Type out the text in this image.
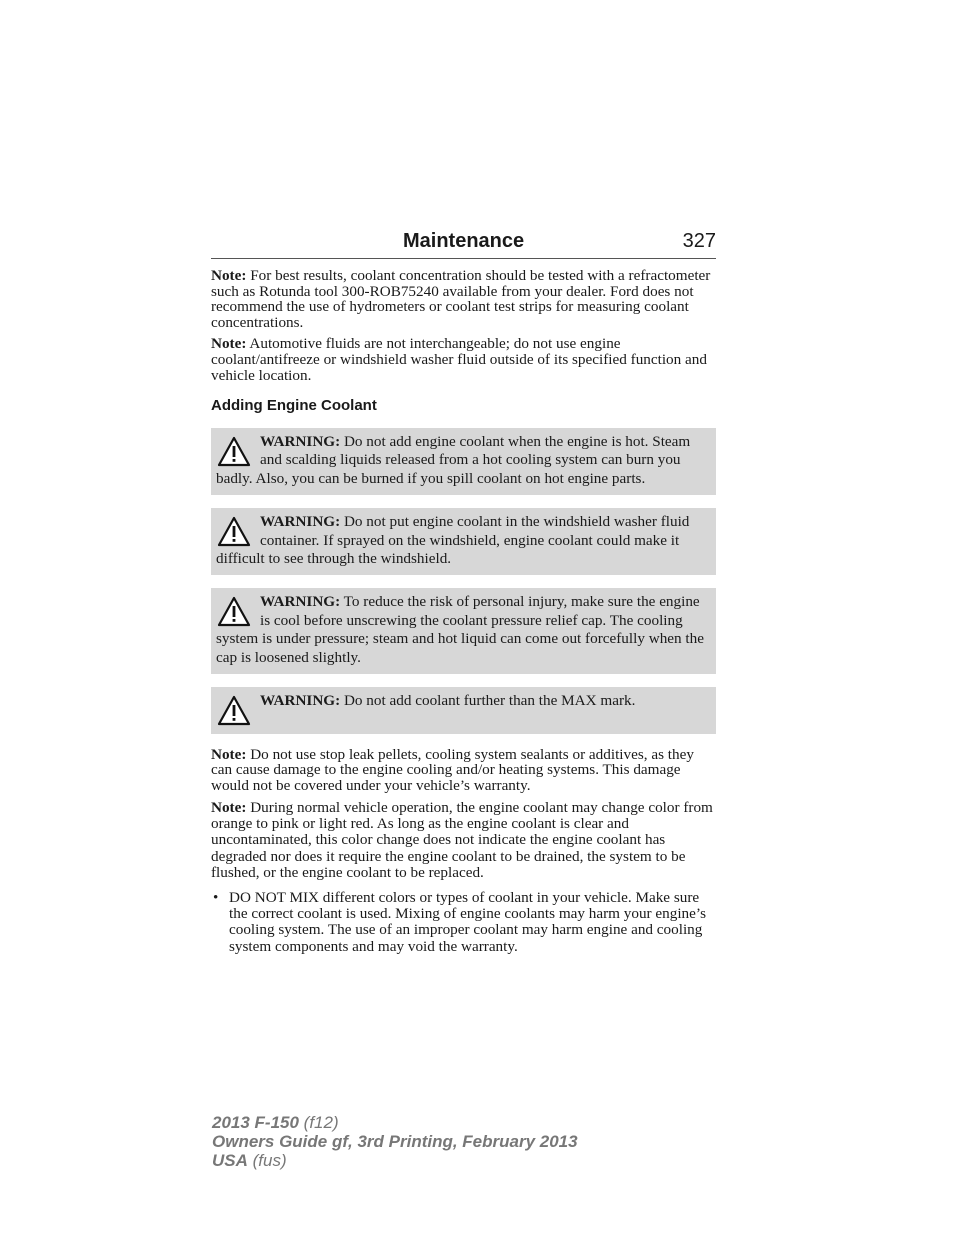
Maintenance	327

Note: For best results, coolant concentration should be tested with a refractometer such as Rotunda tool 300-ROB75240 available from your dealer. Ford does not recommend the use of hydrometers or coolant test strips for measuring coolant concentrations.

Note: Automotive fluids are not interchangeable; do not use engine coolant/antifreeze or windshield washer fluid outside of its specified function and vehicle location.

Adding Engine Coolant
WARNING: Do not add engine coolant when the engine is hot. Steam and scalding liquids released from a hot cooling system can burn you badly. Also, you can be burned if you spill coolant on hot engine parts.
WARNING: Do not put engine coolant in the windshield washer fluid container. If sprayed on the windshield, engine coolant could make it difficult to see through the windshield.
WARNING: To reduce the risk of personal injury, make sure the engine is cool before unscrewing the coolant pressure relief cap. The cooling system is under pressure; steam and hot liquid can come out forcefully when the cap is loosened slightly.
WARNING: Do not add coolant further than the MAX mark.

Note: Do not use stop leak pellets, cooling system sealants or additives, as they can cause damage to the engine cooling and/or heating systems. This damage would not be covered under your vehicle’s warranty.

Note: During normal vehicle operation, the engine coolant may change color from orange to pink or light red. As long as the engine coolant is clear and uncontaminated, this color change does not indicate the engine coolant has degraded nor does it require the engine coolant to be drained, the system to be flushed, or the engine coolant to be replaced.

• DO NOT MIX different colors or types of coolant in your vehicle. Make sure the correct coolant is used. Mixing of engine coolants may harm your engine’s cooling system. The use of an improper coolant may harm engine and cooling system components and may void the warranty.
2013 F-150 (f12)
Owners Guide gf, 3rd Printing, February 2013
USA (fus)
